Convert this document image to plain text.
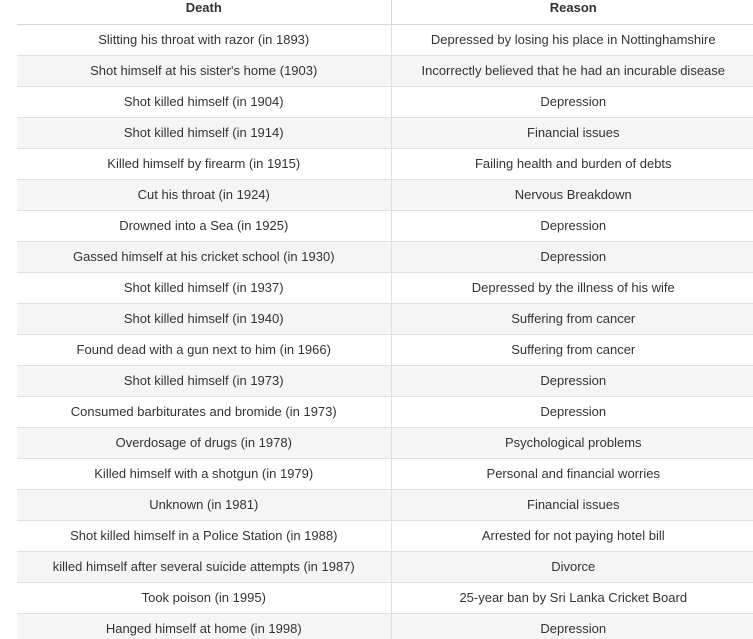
Death	Reason
Slitting his throat with razor (in 1893)	Depressed by losing his place in Nottinghamshire
Shot himself at his sister's home (1903)	Incorrectly believed that he had an incurable disease
Shot killed himself (in 1904)	Depression
Shot killed himself (in 1914)	Financial issues
Killed himself by firearm (in 1915)	Failing health and burden of debts
Cut his throat (in 1924)	Nervous Breakdown
Drowned into a Sea (in 1925)	Depression
Gassed himself at his cricket school (in 1930)	Depression
Shot killed himself (in 1937)	Depressed by the illness of his wife
Shot killed himself (in 1940)	Suffering from cancer
Found dead with a gun next to him (in 1966)	Suffering from cancer
Shot killed himself (in 1973)	Depression
Consumed barbiturates and bromide (in 1973)	Depression
Overdosage of drugs (in 1978)	Psychological problems
Killed himself with a shotgun (in 1979)	Personal and financial worries
Unknown (in 1981)	Financial issues
Shot killed himself in a Police Station (in 1988)	Arrested for not paying hotel bill
killed himself after several suicide attempts (in 1987)	Divorce
Took poison (in 1995)	25-year ban by Sri Lanka Cricket Board
Hanged himself at home (in 1998)	Depression
